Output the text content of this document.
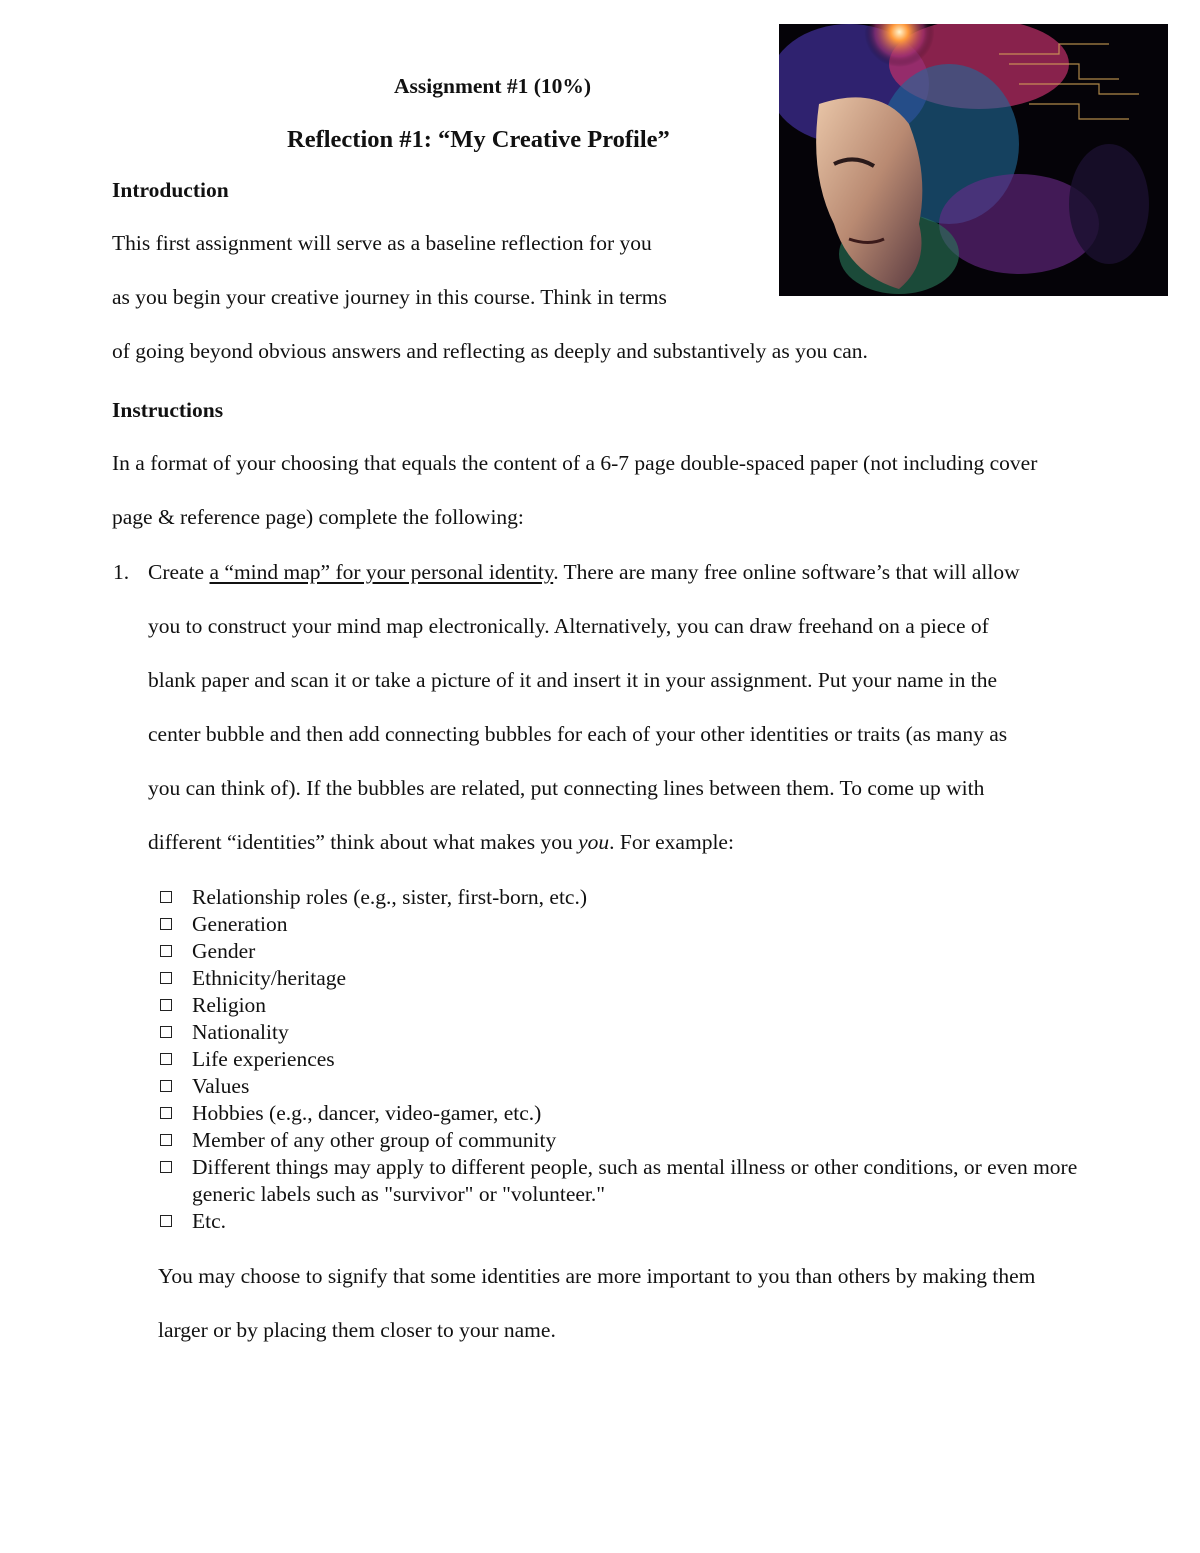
Assignment #1 (10%)
Reflection #1: “My Creative Profile”
Introduction
This first assignment will serve as a baseline reflection for you
as you begin your creative journey in this course. Think in terms
of going beyond obvious answers and reflecting as deeply and substantively as you can.
Instructions
In a format of your choosing that equals the content of a 6-7 page double-spaced paper (not including cover
page & reference page) complete the following:
1. Create a “mind map” for your personal identity. There are many free online software’s that will allow
you to construct your mind map electronically. Alternatively, you can draw freehand on a piece of
blank paper and scan it or take a picture of it and insert it in your assignment. Put your name in the
center bubble and then add connecting bubbles for each of your other identities or traits (as many as
you can think of). If the bubbles are related, put connecting lines between them. To come up with
different “identities” think about what makes you you. For example:
Relationship roles (e.g., sister, first-born, etc.)
Generation
Gender
Ethnicity/heritage
Religion
Nationality
Life experiences
Values
Hobbies (e.g., dancer, video-gamer, etc.)
Member of any other group of community
Different things may apply to different people, such as mental illness or other conditions, or even more generic labels such as "survivor" or "volunteer."
Etc.
You may choose to signify that some identities are more important to you than others by making them
larger or by placing them closer to your name.
